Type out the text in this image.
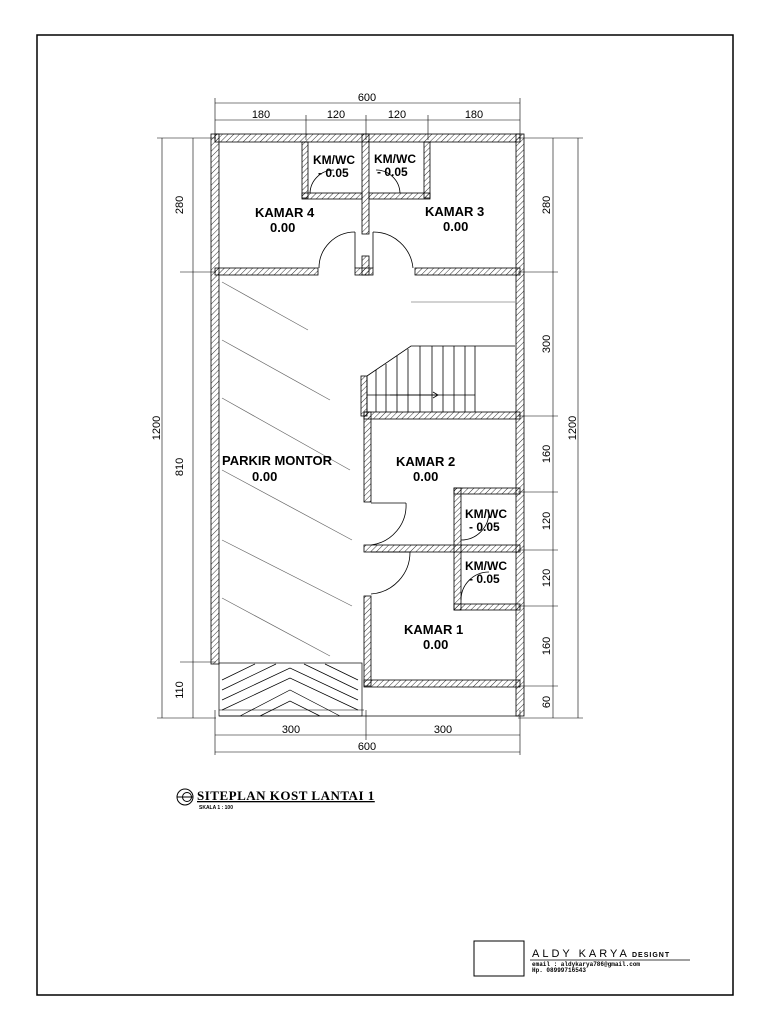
600
180	120	120	180
300	300
600
1200
280
810
110
1200
280
300
160
120
120
160
60
KAMAR 4
0.00
KAMAR 3
0.00
KM/WC
- 0.05
KM/WC
- 0.05
PARKIR MONTOR
0.00
KAMAR 2
0.00
KM/WC
- 0.05
KM/WC
- 0.05
KAMAR 1
0.00
SITEPLAN KOST LANTAI 1
SKALA 1 : 100
ALDY KARYA DESIGNT
email : aldykarya786@gmail.com
Hp. 08999716543
